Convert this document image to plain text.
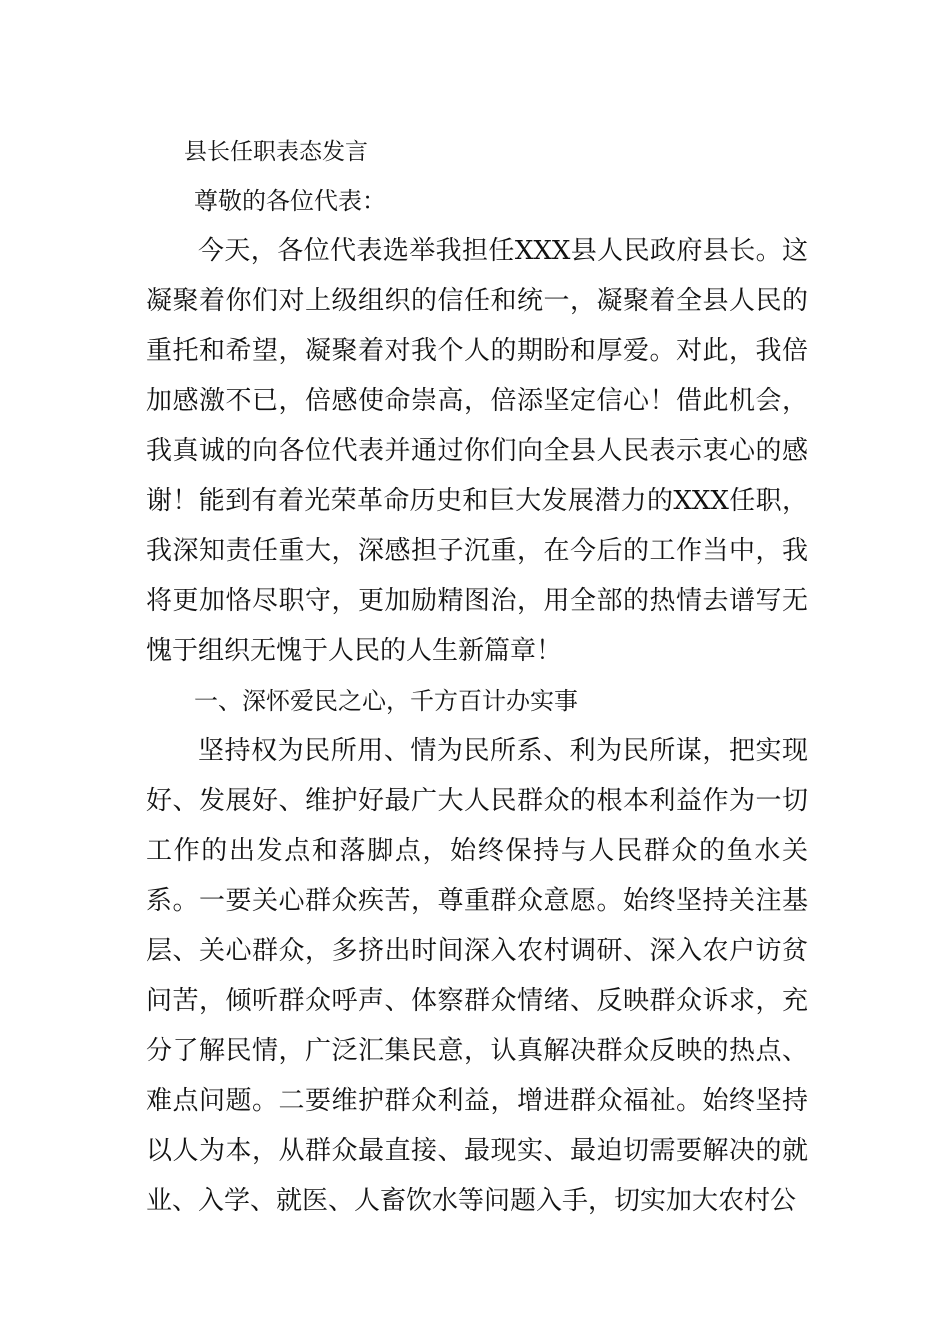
县长任职表态发言

尊敬的各位代表：

今天，各位代表选举我担任XXX县人民政府县长。这凝聚着你们对上级组织的信任和统一，凝聚着全县人民的重托和希望，凝聚着对我个人的期盼和厚爱。对此，我倍加感激不已，倍感使命崇高，倍添坚定信心！借此机会，我真诚的向各位代表并通过你们向全县人民表示衷心的感谢！能到有着光荣革命历史和巨大发展潜力的XXX任职，我深知责任重大，深感担子沉重，在今后的工作当中，我将更加恪尽职守，更加励精图治，用全部的热情去谱写无愧于组织无愧于人民的人生新篇章！

一、深怀爱民之心，千方百计办实事

坚持权为民所用、情为民所系、利为民所谋，把实现好、发展好、维护好最广大人民群众的根本利益作为一切工作的出发点和落脚点，始终保持与人民群众的鱼水关系。一要关心群众疾苦，尊重群众意愿。始终坚持关注基层、关心群众，多挤出时间深入农村调研、深入农户访贫问苦，倾听群众呼声、体察群众情绪、反映群众诉求，充分了解民情，广泛汇集民意，认真解决群众反映的热点、难点问题。二要维护群众利益，增进群众福祉。始终坚持以人为本，从群众最直接、最现实、最迫切需要解决的就业、入学、就医、人畜饮水等问题入手，切实加大农村公
